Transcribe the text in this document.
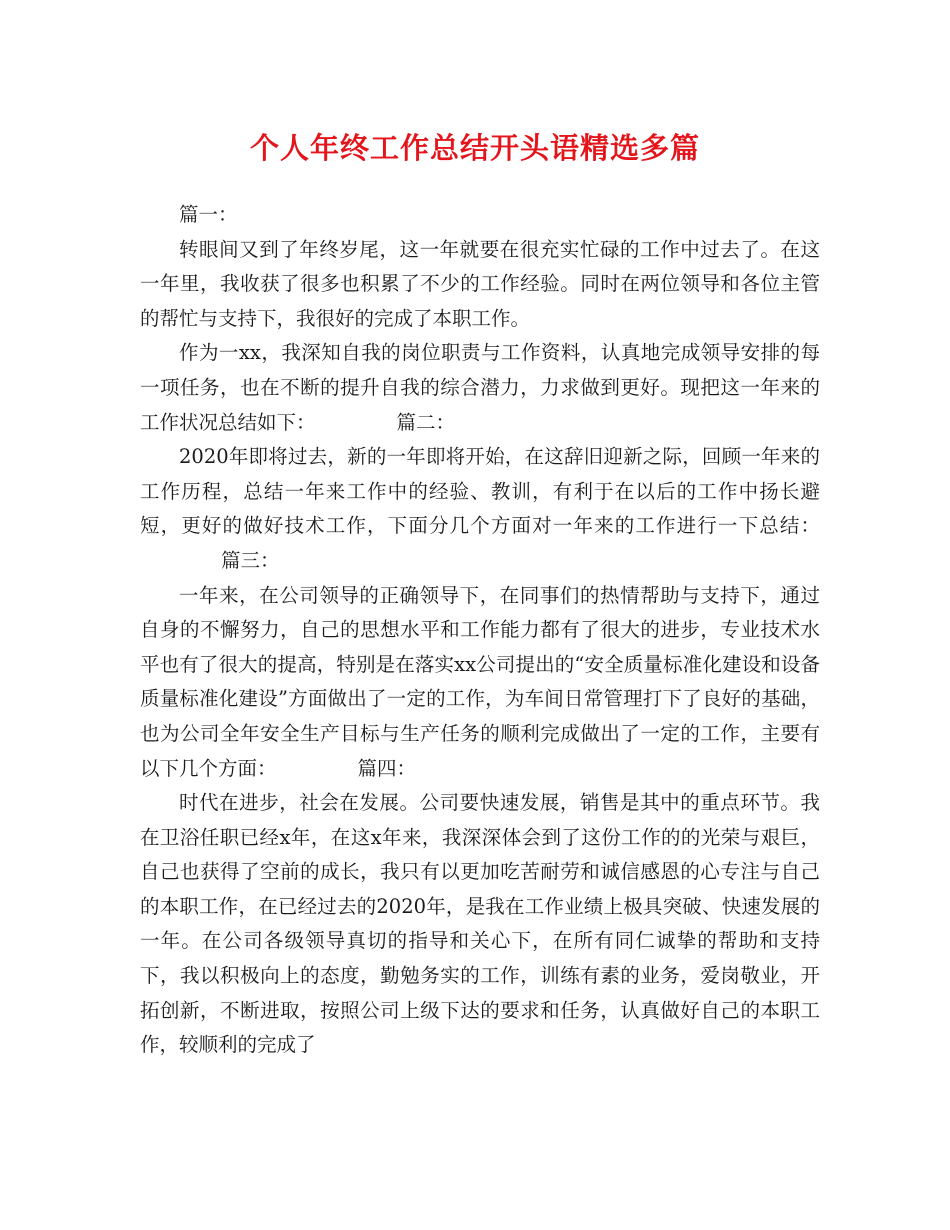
个人年终工作总结开头语精选多篇

篇一：

转眼间又到了年终岁尾，这一年就要在很充实忙碌的工作中过去了。在这一年里，我收获了很多也积累了不少的工作经验。同时在两位领导和各位主管的帮忙与支持下，我很好的完成了本职工作。

作为一xx，我深知自我的岗位职责与工作资料，认真地完成领导安排的每一项任务，也在不断的提升自我的综合潜力，力求做到更好。现把这一年来的工作状况总结如下：	篇二：

2020年即将过去，新的一年即将开始，在这辞旧迎新之际，回顾一年来的工作历程，总结一年来工作中的经验、教训，有利于在以后的工作中扬长避短，更好的做好技术工作，下面分几个方面对一年来的工作进行一下总结：篇三：

一年来，在公司领导的正确领导下，在同事们的热情帮助与支持下，通过自身的不懈努力，自己的思想水平和工作能力都有了很大的进步，专业技术水平也有了很大的提高，特别是在落实xx公司提出的“安全质量标准化建设和设备质量标准化建设”方面做出了一定的工作，为车间日常管理打下了良好的基础，也为公司全年安全生产目标与生产任务的顺利完成做出了一定的工作，主要有以下几个方面：	篇四：

时代在进步，社会在发展。公司要快速发展，销售是其中的重点环节。我在卫浴任职已经x年，在这x年来，我深深体会到了这份工作的的光荣与艰巨，自己也获得了空前的成长，我只有以更加吃苦耐劳和诚信感恩的心专注与自己的本职工作，在已经过去的2020年，是我在工作业绩上极具突破、快速发展的一年。在公司各级领导真切的指导和关心下，在所有同仁诚挚的帮助和支持下，我以积极向上的态度，勤勉务实的工作，训练有素的业务，爱岗敬业，开拓创新，不断进取，按照公司上级下达的要求和任务，认真做好自己的本职工作，较顺利的完成了
